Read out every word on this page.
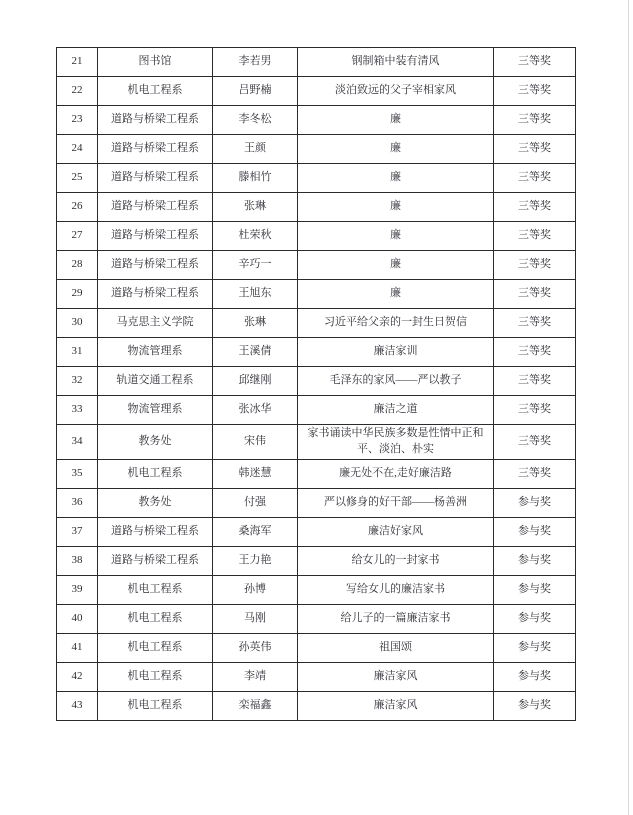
21	图书馆	李若男	钢制箱中装有清风	三等奖
22	机电工程系	吕野楠	淡泊致远的父子宰相家风	三等奖
23	道路与桥梁工程系	李冬松	廉	三等奖
24	道路与桥梁工程系	王颜	廉	三等奖
25	道路与桥梁工程系	滕相竹	廉	三等奖
26	道路与桥梁工程系	张琳	廉	三等奖
27	道路与桥梁工程系	杜荣秋	廉	三等奖
28	道路与桥梁工程系	辛巧一	廉	三等奖
29	道路与桥梁工程系	王旭东	廉	三等奖
30	马克思主义学院	张琳	习近平给父亲的一封生日贺信	三等奖
31	物流管理系	王溪倩	廉洁家训	三等奖
32	轨道交通工程系	邱继刚	毛泽东的家风——严以教子	三等奖
33	物流管理系	张冰华	廉洁之道	三等奖
34	教务处	宋伟	家书诵读中华民族多数是性情中正和平、淡泊、朴实	三等奖
35	机电工程系	韩迷慧	廉无处不在,走好廉洁路	三等奖
36	教务处	付强	严以修身的好干部——杨善洲	参与奖
37	道路与桥梁工程系	桑海军	廉洁好家风	参与奖
38	道路与桥梁工程系	王力艳	给女儿的一封家书	参与奖
39	机电工程系	孙博	写给女儿的廉洁家书	参与奖
40	机电工程系	马刚	给儿子的一篇廉洁家书	参与奖
41	机电工程系	孙英伟	祖国颂	参与奖
42	机电工程系	李靖	廉洁家风	参与奖
43	机电工程系	栾福鑫	廉洁家风	参与奖
